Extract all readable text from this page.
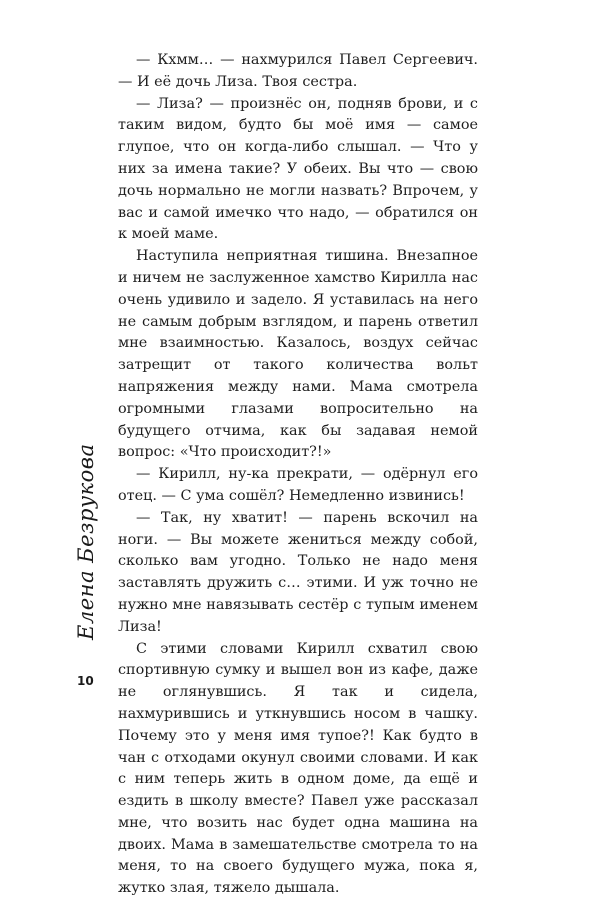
— Кхмм… — нахмурился Павел Сергеевич. — И её дочь Лиза. Твоя сестра.

— Лиза? — произнёс он, подняв брови, и с таким видом, будто бы моё имя — самое глупое, что он когда-либо слышал. — Что у них за имена такие? У обеих. Вы что — свою дочь нормально не могли назвать? Впрочем, у вас и самой имечко что надо, — обратился он к моей маме.

Наступила неприятная тишина. Внезапное и ничем не заслуженное хамство Кирилла нас очень удивило и задело. Я уставилась на него не самым добрым взглядом, и парень ответил мне взаимностью. Казалось, воздух сейчас затрещит от такого количества вольт напряжения между нами. Мама смотрела огромными глазами вопросительно на будущего отчима, как бы задавая немой вопрос: «Что происходит?!»

— Кирилл, ну-ка прекрати, — одёрнул его отец. — С ума сошёл? Немедленно извинись!

— Так, ну хватит! — парень вскочил на ноги. — Вы можете жениться между собой, сколько вам угодно. Только не надо меня заставлять дружить с… этими. И уж точно не нужно мне навязывать сестёр с тупым именем Лиза!

С этими словами Кирилл схватил свою спортивную сумку и вышел вон из кафе, даже не оглянувшись. Я так и сидела, нахмурившись и уткнувшись носом в чашку. Почему это у меня имя тупое?! Как будто в чан с отходами окунул своими словами. И как с ним теперь жить в одном доме, да ещё и ездить в школу вместе? Павел уже рассказал мне, что возить нас будет одна машина на двоих. Мама в замешательстве смотрела то на меня, то на своего будущего мужа, пока я, жутко злая, тяжело дышала.

Елена Безрукова
10
